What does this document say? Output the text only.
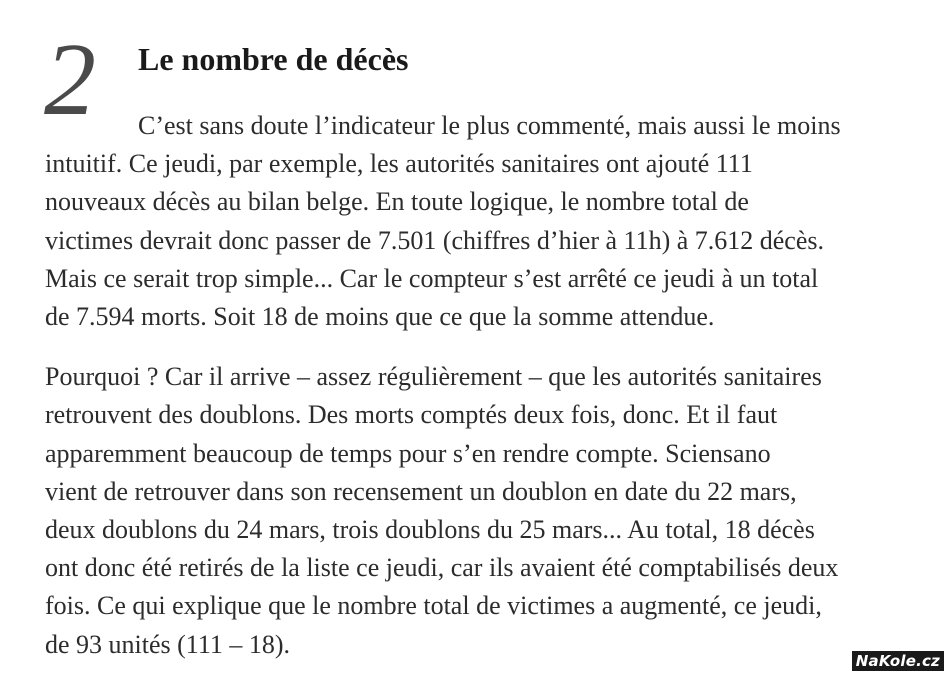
2 Le nombre de décès

C’est sans doute l’indicateur le plus commenté, mais aussi le moins

intuitif. Ce jeudi, par exemple, les autorités sanitaires ont ajouté 111

nouveaux décès au bilan belge. En toute logique, le nombre total de

victimes devrait donc passer de 7.501 (chiffres d’hier à 11h) à 7.612 décès.

Mais ce serait trop simple... Car le compteur s’est arrêté ce jeudi à un total

de 7.594 morts. Soit 18 de moins que ce que la somme attendue.

Pourquoi ? Car il arrive – assez régulièrement – que les autorités sanitaires

retrouvent des doublons. Des morts comptés deux fois, donc. Et il faut

apparemment beaucoup de temps pour s’en rendre compte. Sciensano

vient de retrouver dans son recensement un doublon en date du 22 mars,

deux doublons du 24 mars, trois doublons du 25 mars... Au total, 18 décès

ont donc été retirés de la liste ce jeudi, car ils avaient été comptabilisés deux

fois. Ce qui explique que le nombre total de victimes a augmenté, ce jeudi,

de 93 unités (111 – 18).

NaKole.cz
